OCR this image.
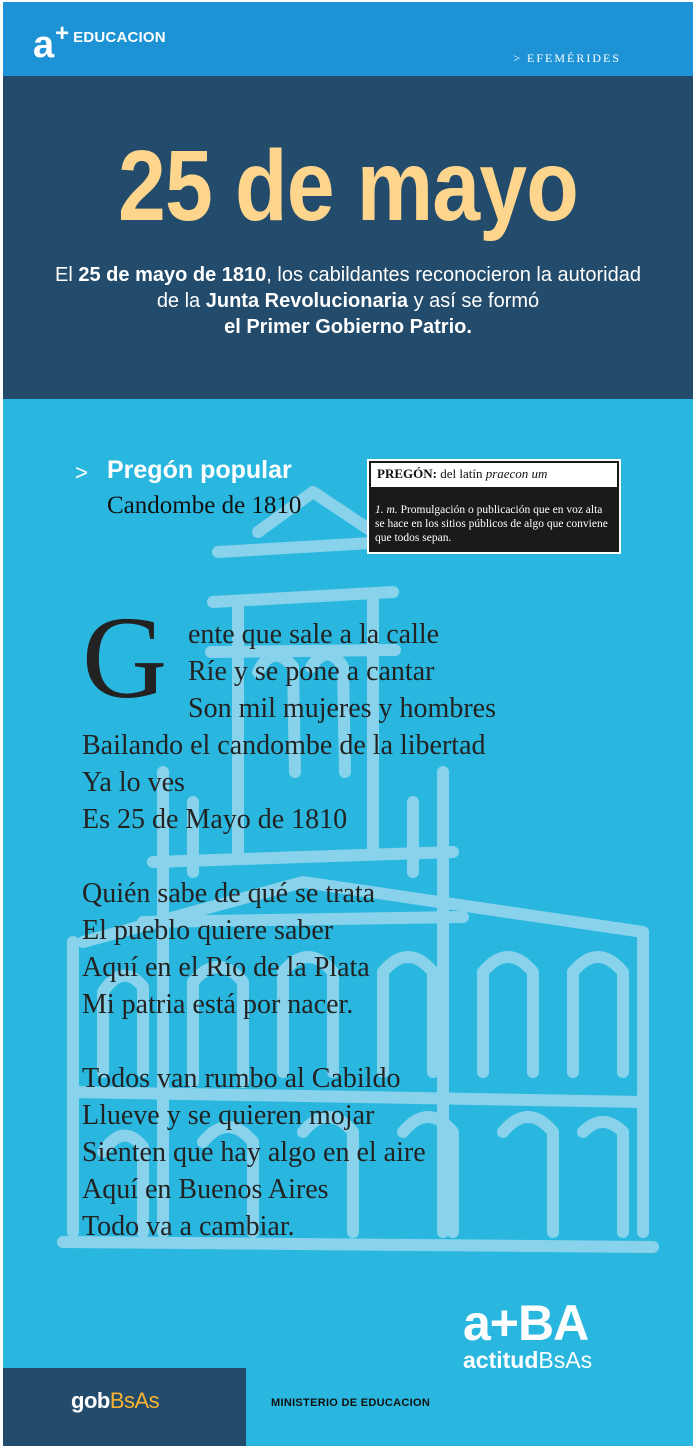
a + EDUCACION
> EFEMÉRIDES
25 de mayo
El 25 de mayo de 1810, los cabildantes reconocieron la autoridad de la Junta Revolucionaria y así se formó
el Primer Gobierno Patrio.
> Pregón popular
Candombe de 1810
PREGÓN: del latín praecon um
1. m. Promulgación o publicación que en voz alta se hace en los sitios públicos de algo que conviene que todos sepan.
G ente que sale a la calle
Ríe y se pone a cantar
Son mil mujeres y hombres
Bailando el candombe de la libertad
Ya lo ves
Es 25 de Mayo de 1810
Quién sabe de qué se trata
El pueblo quiere saber
Aquí en el Río de la Plata
Mi patria está por nacer.
Todos van rumbo al Cabildo
Llueve y se quieren mojar
Sienten que hay algo en el aire
Aquí en Buenos Aires
Todo va a cambiar.
a+BA
actitudBsAs
gobBsAs	MINISTERIO DE EDUCACION
